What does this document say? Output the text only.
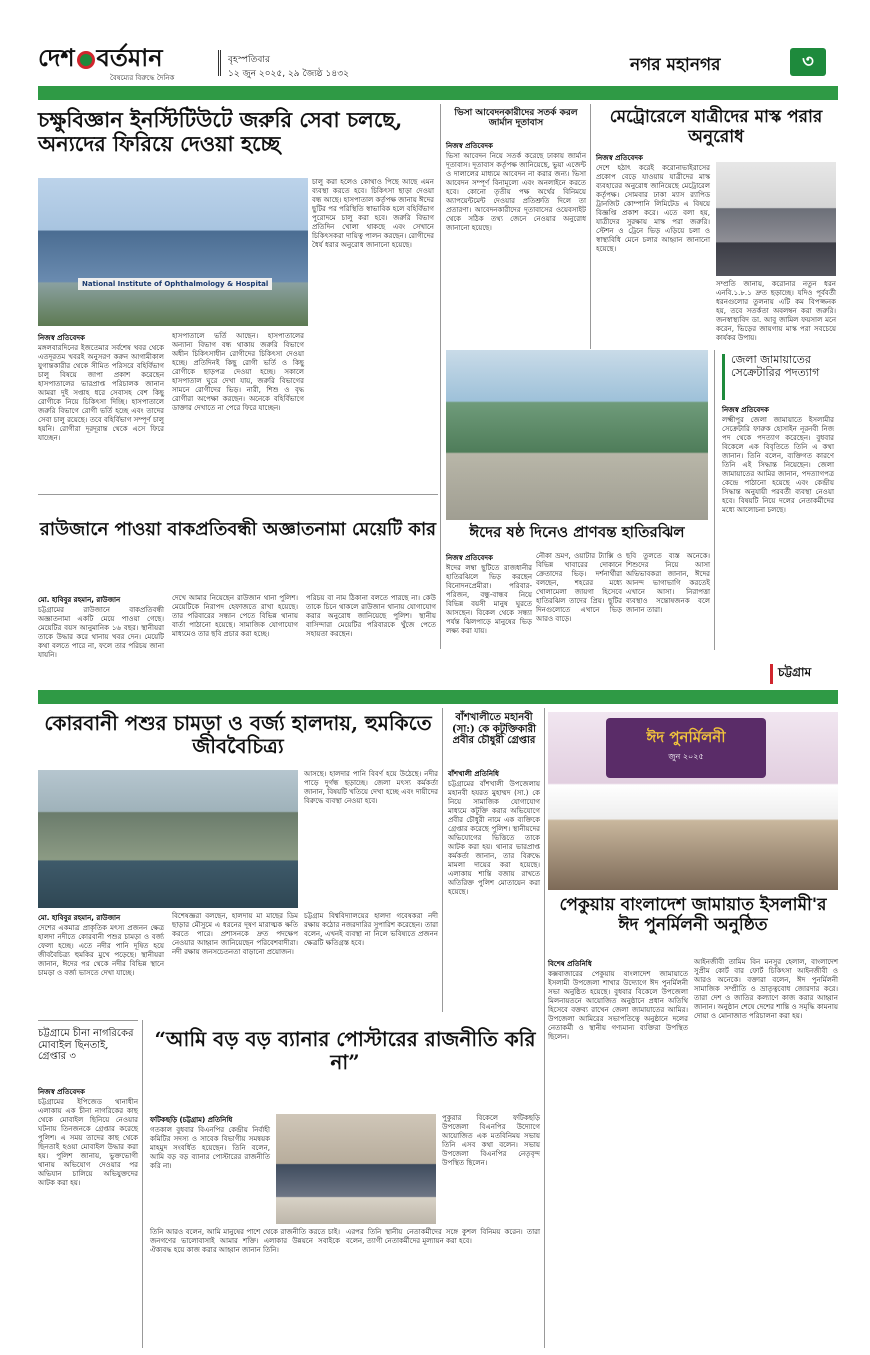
দেশ বর্তমান
বৈষম্যের বিরুদ্ধে দৈনিক
বৃহস্পতিবার
১২ জুন ২০২৫, ২৯ জ্যৈষ্ঠ ১৪৩২	নগর মহানগর	৩
চক্ষুবিজ্ঞান ইনস্টিটিউটে জরুরি সেবা চলছে, অন্যদের ফিরিয়ে দেওয়া হচ্ছে
National Institute of Ophthalmology & Hospital
নিজস্ব প্রতিবেদক
মঙ্গলবারদিনের ইজতেমার সর্বশেষ খবর থেকে এতদূরতম খবরই অনুসরণ করুন আগামীকাল যুগান্তকারীর থেকে সীমিত পরিসরে বহির্বিভাগ চালু বিষয়ে জাপা প্রকাশ করেছেন হাসপাতালের ভারপ্রাপ্ত পরিচালক জানান আমরা দুই সপ্তাহ ধরে সেবাসহ বেশ কিছু রোগীকে নিয়ে চিকিৎসা দিচ্ছি। হাসপাতালে জরুরি বিভাগে রোগী ভর্তি হচ্ছে এবং তাদের সেবা চালু রয়েছে। তবে বহির্বিভাগ সম্পূর্ণ চালু হয়নি। রোগীরা দূরদূরান্ত থেকে এসে ফিরে যাচ্ছেন।
হাসপাতালে ভর্তি আছেন। হাসপাতালের অন্যান্য বিভাগ বন্ধ থাকায় জরুরি বিভাগে অধীন চিকিৎসাধীন রোগীদের চিকিৎসা দেওয়া হচ্ছে। প্রতিদিনই কিছু রোগী ভর্তি ও কিছু রোগীকে ছাড়পত্র দেওয়া হচ্ছে। সকালে হাসপাতাল ঘুরে দেখা যায়, জরুরি বিভাগের সামনে রোগীদের ভিড়। নারী, শিশু ও বৃদ্ধ রোগীরা অপেক্ষা করছেন। অনেকে বহির্বিভাগে ডাক্তার দেখাতে না পেরে ফিরে যাচ্ছেন।
চালু করা হলেও কোথাও পিছে আছে এমন ব্যবস্থা করতে হবে। চিকিৎসা ছাড়া দেওয়া বন্ধ আছে। হাসপাতাল কর্তৃপক্ষ জানায় ঈদের ছুটির পর পরিস্থিতি স্বাভাবিক হলে বহির্বিভাগ পুরোদমে চালু করা হবে। জরুরি বিভাগ প্রতিদিন খোলা থাকছে এবং সেখানে চিকিৎসকরা দায়িত্ব পালন করছেন। রোগীদের ধৈর্য ধরার অনুরোধ জানানো হয়েছে।
ভিসা আবেদনকারীদের সতর্ক করল জার্মান দূতাবাস
নিজস্ব প্রতিবেদক
ভিসা আবেদন নিয়ে সতর্ক করেছে ঢাকায় জার্মান দূতাবাস। দূতাবাস কর্তৃপক্ষ জানিয়েছে, ভুয়া এজেন্ট ও দালালের মাধ্যমে আবেদন না করার জন্য। ভিসা আবেদন সম্পূর্ণ বিনামূল্যে এবং অনলাইনে করতে হবে। কোনো তৃতীয় পক্ষ অর্থের বিনিময়ে অ্যাপয়েন্টমেন্ট দেওয়ার প্রতিশ্রুতি দিলে তা প্রতারণা। আবেদনকারীদের দূতাবাসের ওয়েবসাইট থেকে সঠিক তথ্য জেনে নেওয়ার অনুরোধ জানানো হয়েছে।
মেট্রোরেলে যাত্রীদের মাস্ক পরার অনুরোধ
নিজস্ব প্রতিবেদক
দেশে হঠাৎ করেই করোনাভাইরাসের প্রকোপ বেড়ে যাওয়ায় যাত্রীদের মাস্ক ব্যবহারের অনুরোধ জানিয়েছে মেট্রোরেল কর্তৃপক্ষ। সোমবার ঢাকা ম্যাস র‍্যাপিড ট্রানজিট কোম্পানি লিমিটেড এ বিষয়ে বিজ্ঞপ্তি প্রকাশ করে। এতে বলা হয়, যাত্রীদের সুরক্ষায় মাস্ক পরা জরুরি। স্টেশন ও ট্রেনে ভিড় এড়িয়ে চলা ও স্বাস্থ্যবিধি মেনে চলার আহ্বান জানানো হয়েছে।
সম্প্রতি জানায়, করোনার নতুন ধরন এনবি.১.৮.১ দ্রুত ছড়াচ্ছে। যদিও পূর্ববর্তী ধরনগুলোর তুলনায় এটি কম বিপজ্জনক হয়, তবে সতর্কতা অবলম্বন করা জরুরি। জনস্বাস্থ্যবিদ ডা. আবু জামিল ফয়সাল মনে করেন, ভিড়ের জায়গায় মাস্ক পরা সবচেয়ে কার্যকর উপায়।
জেলা জামায়াতের সেক্রেটারির পদত্যাগ
নিজস্ব প্রতিবেদক
লক্ষ্মীপুর জেলা জামায়াতে ইসলামীর সেক্রেটারি ফারুক হোসাইন নূরনবী নিজ পদ থেকে পদত্যাগ করেছেন। বুধবার বিকেলে এক বিবৃতিতে তিনি এ কথা জানান। তিনি বলেন, ব্যক্তিগত কারণে তিনি এই সিদ্ধান্ত নিয়েছেন। জেলা জামায়াতের আমির জানান, পদত্যাগপত্র কেন্দ্রে পাঠানো হয়েছে এবং কেন্দ্রীয় সিদ্ধান্ত অনুযায়ী পরবর্তী ব্যবস্থা নেওয়া হবে। বিষয়টি নিয়ে দলের নেতাকর্মীদের মধ্যে আলোচনা চলছে।
রাউজানে পাওয়া বাকপ্রতিবন্ধী অজ্ঞাতনামা মেয়েটি কার
মো. হাবিবুর রহমান, রাউজান
চট্টগ্রামের রাউজানে বাকপ্রতিবন্ধী অজ্ঞাতনামা একটি মেয়ে পাওয়া গেছে। মেয়েটির বয়স আনুমানিক ১৬ বছর। স্থানীয়রা তাকে উদ্ধার করে থানায় খবর দেন। মেয়েটি কথা বলতে পারে না, ফলে তার পরিচয় জানা যায়নি।
দেখে আমার নিয়েছেন রাউজান থানা পুলিশ। মেয়েটিকে নিরাপদ হেফাজতে রাখা হয়েছে। তার পরিবারের সন্ধান পেতে বিভিন্ন থানায় বার্তা পাঠানো হয়েছে। সামাজিক যোগাযোগ মাধ্যমেও তার ছবি প্রচার করা হচ্ছে।
পরিচয় বা নাম ঠিকানা বলতে পারছে না। কেউ তাকে চিনে থাকলে রাউজান থানায় যোগাযোগ করার অনুরোধ জানিয়েছে পুলিশ। স্থানীয় বাসিন্দারা মেয়েটির পরিবারকে খুঁজে পেতে সহায়তা করছেন।
ঈদের ষষ্ঠ দিনেও প্রাণবন্ত হাতিরঝিল
নিজস্ব প্রতিবেদক
ঈদের লম্বা ছুটিতে রাজধানীর হাতিরঝিলে ভিড় করছেন বিনোদনপ্রেমীরা। পরিবার-পরিজন, বন্ধু-বান্ধব নিয়ে বিভিন্ন বয়সী মানুষ ঘুরতে আসছেন। বিকেল থেকে সন্ধ্যা পর্যন্ত ঝিলপাড়ে মানুষের ভিড় লক্ষ্য করা যায়।
নৌকা ভ্রমণ, ওয়াটার ট্যাক্সি ও বিভিন্ন খাবারের দোকানে ক্রেতাদের ভিড়। দর্শনার্থীরা বলছেন, শহরের মধ্যে খোলামেলা জায়গা হিসেবে হাতিরঝিল তাদের প্রিয়। ছুটির দিনগুলোতে এখানে ভিড় আরও বাড়ে।
ছবি তুলতে ব্যস্ত অনেকে। শিশুদের নিয়ে আসা অভিভাবকরা জানান, ঈদের আনন্দ ভাগাভাগি করতেই এখানে আসা। নিরাপত্তা ব্যবস্থাও সন্তোষজনক বলে জানান তারা।
চট্টগ্রাম
কোরবানী পশুর চামড়া ও বর্জ্য হালদায়, হুমকিতে জীববৈচিত্র্য
আসছে। হালদার পানি বিবর্ণ হয়ে উঠেছে। নদীর পাড়ে দুর্গন্ধ ছড়াচ্ছে। জেলা মৎস্য কর্মকর্তা জানান, বিষয়টি খতিয়ে দেখা হচ্ছে এবং দায়ীদের বিরুদ্ধে ব্যবস্থা নেওয়া হবে।
মো. হাবিবুর রহমান, রাউজান
দেশের একমাত্র প্রাকৃতিক মৎস্য প্রজনন ক্ষেত্র হালদা নদীতে কোরবানী পশুর চামড়া ও বর্জ্য ফেলা হচ্ছে। এতে নদীর পানি দূষিত হয়ে জীববৈচিত্র্য হুমকির মুখে পড়েছে। স্থানীয়রা জানান, ঈদের পর থেকে নদীর বিভিন্ন স্থানে চামড়া ও বর্জ্য ভাসতে দেখা যাচ্ছে।
বিশেষজ্ঞরা বলছেন, হালদায় মা মাছের ডিম ছাড়ার মৌসুমে এ ধরনের দূষণ মারাত্মক ক্ষতি করতে পারে। প্রশাসনকে দ্রুত পদক্ষেপ নেওয়ার আহ্বান জানিয়েছেন পরিবেশবাদীরা। নদী রক্ষায় জনসচেতনতা বাড়ানো প্রয়োজন।
চট্টগ্রাম বিশ্ববিদ্যালয়ের হালদা গবেষকরা নদী রক্ষায় কঠোর নজরদারির সুপারিশ করেছেন। তারা বলেন, এখনই ব্যবস্থা না নিলে ভবিষ্যতে প্রজনন ক্ষেত্রটি ক্ষতিগ্রস্ত হবে।
বাঁশখালীতে মহানবী (সা:) কে কটূক্তিকারী প্রবীর চৌধুরী গ্রেপ্তার
বাঁশখালী প্রতিনিধি
চট্টগ্রামের বাঁশখালী উপজেলায় মহানবী হযরত মুহাম্মদ (সা.) কে নিয়ে সামাজিক যোগাযোগ মাধ্যমে কটূক্তি করার অভিযোগে প্রবীর চৌধুরী নামে এক ব্যক্তিকে গ্রেপ্তার করেছে পুলিশ। স্থানীয়দের অভিযোগের ভিত্তিতে তাকে আটক করা হয়। থানার ভারপ্রাপ্ত কর্মকর্তা জানান, তার বিরুদ্ধে মামলা দায়ের করা হয়েছে। এলাকায় শান্তি বজায় রাখতে অতিরিক্ত পুলিশ মোতায়েন করা হয়েছে।
ঈদ পুনর্মিলনী
জুন ২০২৫
পেকুয়ায় বাংলাদেশ জামায়াত ইসলামী'র ঈদ পুনর্মিলনী অনুষ্ঠিত
বিশেষ প্রতিনিধি
কক্সবাজারের পেকুয়ায় বাংলাদেশ জামায়াতে ইসলামী উপজেলা শাখার উদ্যোগে ঈদ পুনর্মিলনী সভা অনুষ্ঠিত হয়েছে। বুধবার বিকেলে উপজেলা মিলনায়তনে আয়োজিত অনুষ্ঠানে প্রধান অতিথি হিসেবে বক্তব্য রাখেন জেলা জামায়াতের আমির। উপজেলা আমিরের সভাপতিত্বে অনুষ্ঠানে দলের নেতাকর্মী ও স্থানীয় গণ্যমান্য ব্যক্তিরা উপস্থিত ছিলেন।
আইনজীবী তামিম বিন মনসুর হেলাল, বাংলাদেশ সুপ্রীম কোর্ট বার ফোর্ট চিকিৎসা আইনজীবী ও আরও অনেকে। বক্তারা বলেন, ঈদ পুনর্মিলনী সামাজিক সম্প্রীতি ও ভ্রাতৃত্ববোধ জোরদার করে। তারা দেশ ও জাতির কল্যাণে কাজ করার আহ্বান জানান। অনুষ্ঠান শেষে দেশের শান্তি ও সমৃদ্ধি কামনায় দোয়া ও মোনাজাত পরিচালনা করা হয়।
চট্টগ্রামে চীনা নাগরিকের মোবাইল ছিনতাই, গ্রেপ্তার ৩
নিজস্ব প্রতিবেদক
চট্টগ্রামের ইপিজেড থানাধীন এলাকায় এক চীনা নাগরিকের কাছ থেকে মোবাইল ছিনিয়ে নেওয়ার ঘটনায় তিনজনকে গ্রেপ্তার করেছে পুলিশ। এ সময় তাদের কাছ থেকে ছিনতাই হওয়া মোবাইল উদ্ধার করা হয়। পুলিশ জানায়, ভুক্তভোগী থানায় অভিযোগ দেওয়ার পর অভিযান চালিয়ে অভিযুক্তদের আটক করা হয়।
“আমি বড় বড় ব্যানার পোস্টারের রাজনীতি করি না”
ফটিকছড়ি (চট্টগ্রাম) প্রতিনিধি
গতকাল বুধবার বিএনপির কেন্দ্রীয় নির্বাহী কমিটির সদস্য ও সাবেক বিভাগীয় সমন্বয়ক মাহমুদ সংবর্ধিত হয়েছেন। তিনি বলেন, আমি বড় বড় ব্যানার পোস্টারের রাজনীতি করি না।
পুকুরার বিকেলে ফটিকছড়ি উপজেলা বিএনপির উদ্যোগে আয়োজিত এক মতবিনিময় সভায় তিনি এসব কথা বলেন। সভায় উপজেলা বিএনপির নেতৃবৃন্দ উপস্থিত ছিলেন।
তিনি আরও বলেন, আমি মানুষের পাশে থেকে রাজনীতি করতে চাই। জনগণের ভালোবাসাই আমার শক্তি। এলাকার উন্নয়নে সবাইকে ঐক্যবদ্ধ হয়ে কাজ করার আহ্বান জানান তিনি।
এরপর তিনি স্থানীয় নেতাকর্মীদের সঙ্গে কুশল বিনিময় করেন। তারা বলেন, ত্যাগী নেতাকর্মীদের মূল্যায়ন করা হবে।
